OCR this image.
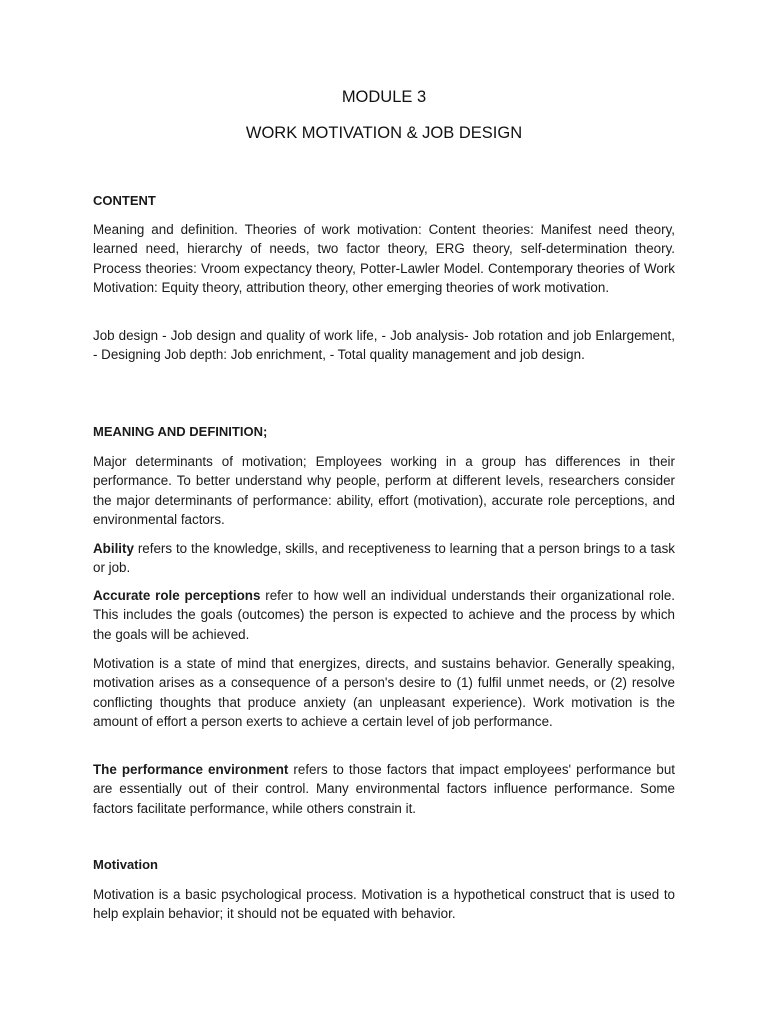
MODULE 3
WORK MOTIVATION & JOB DESIGN
CONTENT

Meaning and definition. Theories of work motivation: Content theories: Manifest need theory, learned need, hierarchy of needs, two factor theory, ERG theory, self-determination theory. Process theories: Vroom expectancy theory, Potter-Lawler Model. Contemporary theories of Work Motivation: Equity theory, attribution theory, other emerging theories of work motivation.

Job design - Job design and quality of work life, - Job analysis- Job rotation and job Enlargement, - Designing Job depth: Job enrichment, - Total quality management and job design.

MEANING AND DEFINITION;

Major determinants of motivation; Employees working in a group has differences in their performance. To better understand why people, perform at different levels, researchers consider the major determinants of performance: ability, effort (motivation), accurate role perceptions, and environmental factors.

Ability refers to the knowledge, skills, and receptiveness to learning that a person brings to a task or job.

Accurate role perceptions refer to how well an individual understands their organizational role. This includes the goals (outcomes) the person is expected to achieve and the process by which the goals will be achieved.

Motivation is a state of mind that energizes, directs, and sustains behavior. Generally speaking, motivation arises as a consequence of a person's desire to (1) fulfil unmet needs, or (2) resolve conflicting thoughts that produce anxiety (an unpleasant experience). Work motivation is the amount of effort a person exerts to achieve a certain level of job performance.

The performance environment refers to those factors that impact employees' performance but are essentially out of their control. Many environmental factors influence performance. Some factors facilitate performance, while others constrain it.

Motivation

Motivation is a basic psychological process. Motivation is a hypothetical construct that is used to help explain behavior; it should not be equated with behavior.
